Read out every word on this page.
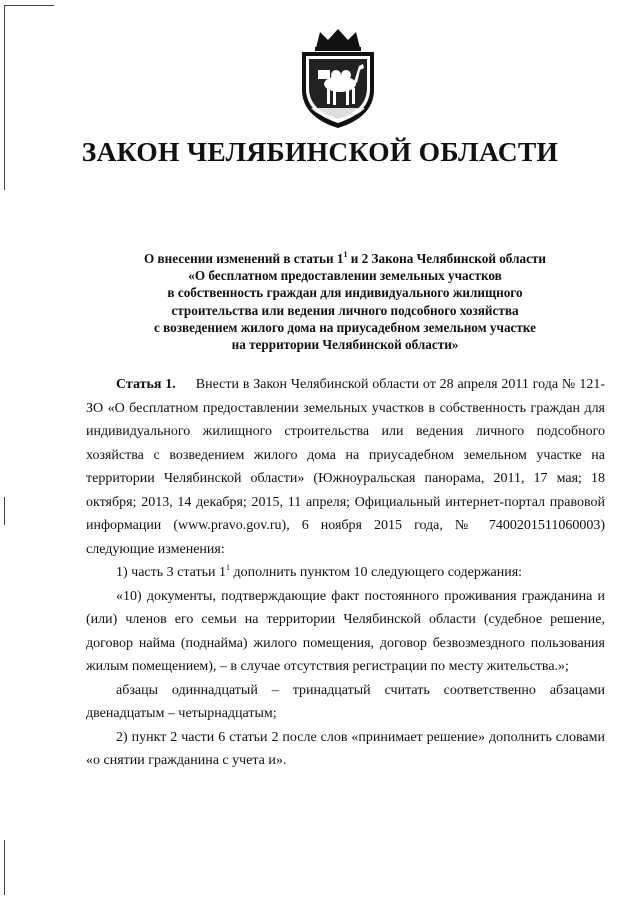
ЗАКОН ЧЕЛЯБИНСКОЙ ОБЛАСТИ
О внесении изменений в статьи $1^1$ и 2 Закона Челябинской области
«О бесплатном предоставлении земельных участков
в собственность граждан для индивидуального жилищного
строительства или ведения личного подсобного хозяйства
с возведением жилого дома на приусадебном земельном участке
на территории Челябинской области»

Статья 1. Внести в Закон Челябинской области от 28 апреля 2011 года № 121-ЗО «О бесплатном предоставлении земельных участков в собственность граждан для индивидуального жилищного строительства или ведения личного подсобного хозяйства с возведением жилого дома на приусадебном земельном участке на территории Челябинской области» (Южноуральская панорама, 2011, 17 мая; 18 октября; 2013, 14 декабря; 2015, 11 апреля; Официальный интернет-портал правовой информации (www.pravo.gov.ru), 6 ноября 2015 года, № 7400201511060003) следующие изменения:

1) часть 3 статьи $1^1$ дополнить пунктом 10 следующего содержания:

«10) документы, подтверждающие факт постоянного проживания гражданина и (или) членов его семьи на территории Челябинской области (судебное решение, договор найма (поднайма) жилого помещения, договор безвозмездного пользования жилым помещением), – в случае отсутствия регистрации по месту жительства.»;

абзацы одиннадцатый – тринадцатый считать соответственно абзацами двенадцатым – четырнадцатым;

2) пункт 2 части 6 статьи 2 после слов «принимает решение» дополнить словами «о снятии гражданина с учета и».
